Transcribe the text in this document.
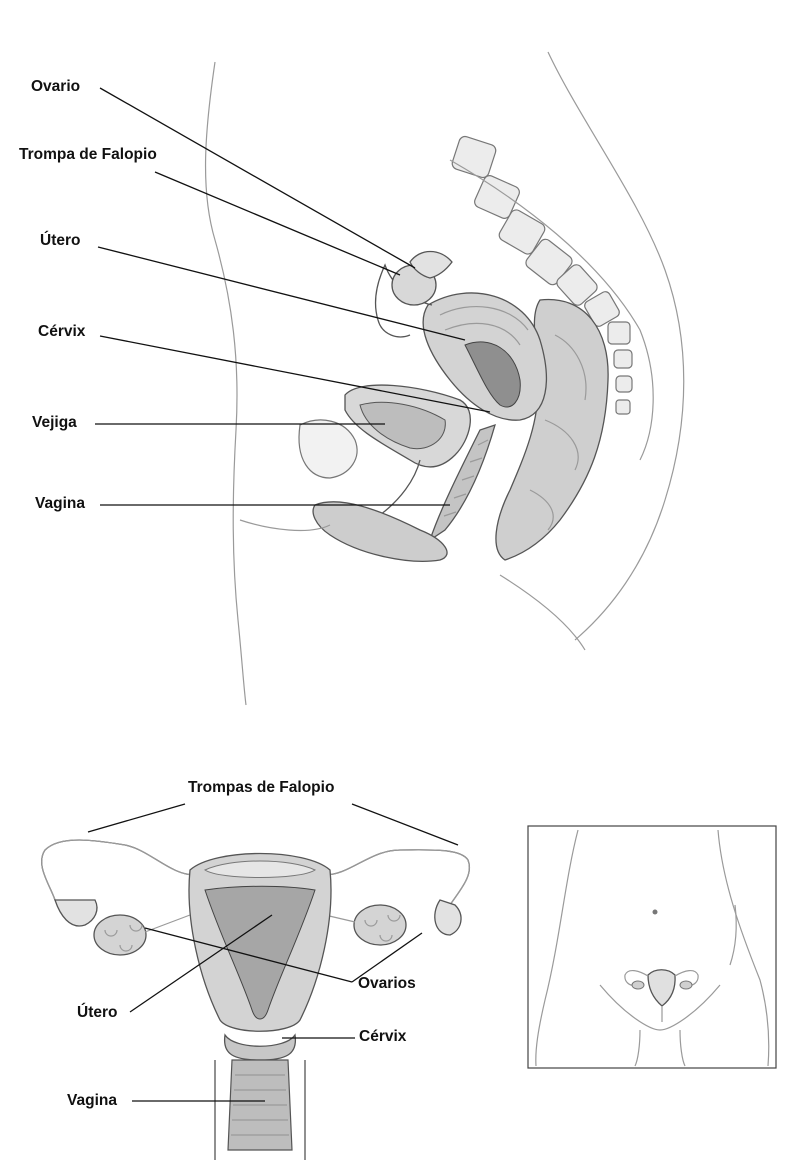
Ovario
Trompa de Falopio
Útero
Cérvix
Vejiga
Vagina
Trompas de Falopio
Ovarios
Útero
Cérvix
Vagina
